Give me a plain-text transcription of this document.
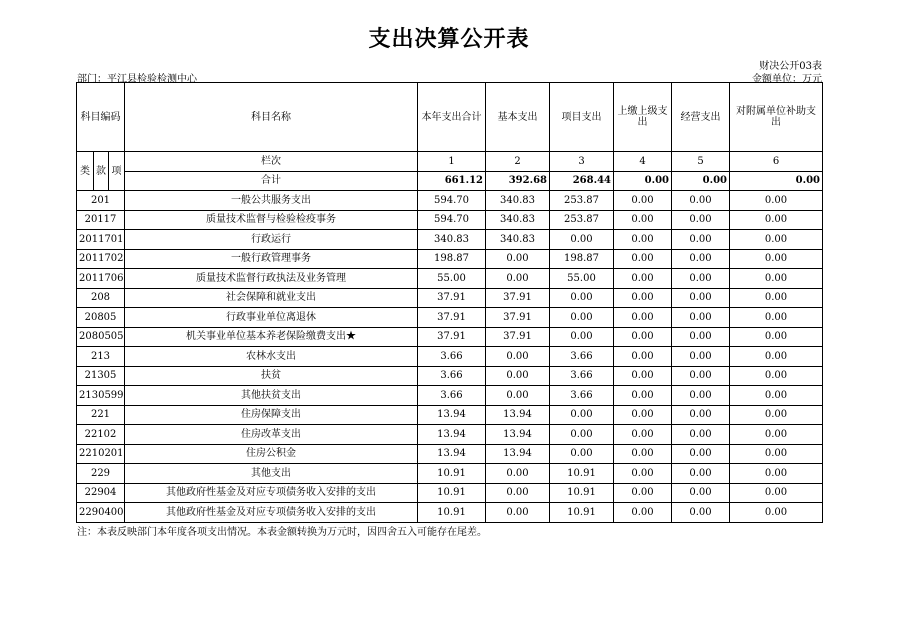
支出决算公开表
财决公开03表
部门：平江县检验检测中心	金额单位：万元
科目编码			科目名称	本年支出合计	基本支出	项目支出	上缴上级支出	经营支出	对附属单位补助支出
类	款	项	栏次	1	2	3	4	5	6
			合计	661.12	392.68	268.44	0.00	0.00	0.00
201			一般公共服务支出	594.70	340.83	253.87	0.00	0.00	0.00
20117			质量技术监督与检验检疫事务	594.70	340.83	253.87	0.00	0.00	0.00
2011701			行政运行	340.83	340.83	0.00	0.00	0.00	0.00
2011702			一般行政管理事务	198.87	0.00	198.87	0.00	0.00	0.00
2011706			质量技术监督行政执法及业务管理	55.00	0.00	55.00	0.00	0.00	0.00
208			社会保障和就业支出	37.91	37.91	0.00	0.00	0.00	0.00
20805			行政事业单位离退休	37.91	37.91	0.00	0.00	0.00	0.00
2080505			机关事业单位基本养老保险缴费支出★	37.91	37.91	0.00	0.00	0.00	0.00
213			农林水支出	3.66	0.00	3.66	0.00	0.00	0.00
21305			扶贫	3.66	0.00	3.66	0.00	0.00	0.00
2130599			其他扶贫支出	3.66	0.00	3.66	0.00	0.00	0.00
221			住房保障支出	13.94	13.94	0.00	0.00	0.00	0.00
22102			住房改革支出	13.94	13.94	0.00	0.00	0.00	0.00
2210201			住房公积金	13.94	13.94	0.00	0.00	0.00	0.00
229			其他支出	10.91	0.00	10.91	0.00	0.00	0.00
22904			其他政府性基金及对应专项债务收入安排的支出	10.91	0.00	10.91	0.00	0.00	0.00
2290400			其他政府性基金及对应专项债务收入安排的支出	10.91	0.00	10.91	0.00	0.00	0.00
注：本表反映部门本年度各项支出情况。本表金额转换为万元时，因四舍五入可能存在尾差。
